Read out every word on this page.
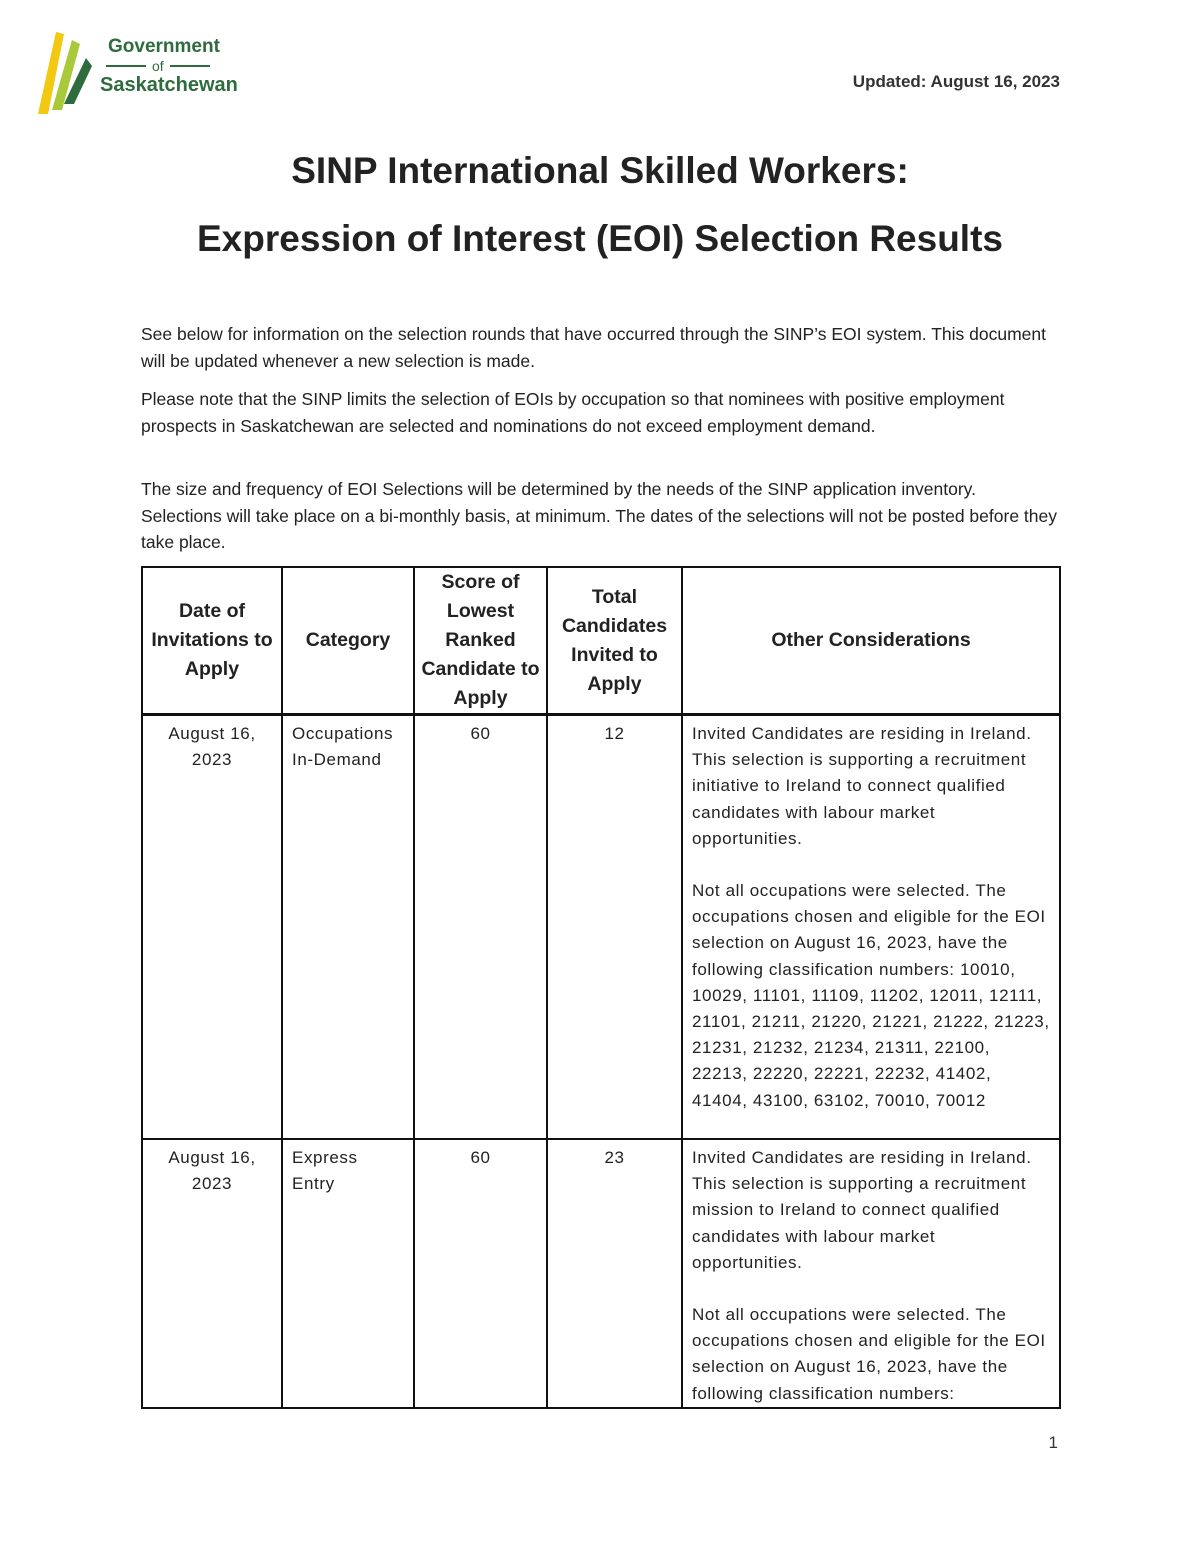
Government
of
Saskatchewan	Updated: August 16, 2023
SINP International Skilled Workers:
Expression of Interest (EOI) Selection Results

See below for information on the selection rounds that have occurred through the SINP’s EOI system. This document will be updated whenever a new selection is made.

Please note that the SINP limits the selection of EOIs by occupation so that nominees with positive employment prospects in Saskatchewan are selected and nominations do not exceed employment demand.

The size and frequency of EOI Selections will be determined by the needs of the SINP application inventory. Selections will take place on a bi-monthly basis, at minimum. The dates of the selections will not be posted before they take place.

Date of Invitations to Apply	Category	Score of Lowest Ranked Candidate to Apply	Total Candidates Invited to Apply	Other Considerations
August 16, 2023	Occupations In-Demand	60	12	Invited Candidates are residing in Ireland. This selection is supporting a recruitment initiative to Ireland to connect qualified candidates with labour market opportunities.
Not all occupations were selected. The occupations chosen and eligible for the EOI selection on August 16, 2023, have the following classification numbers: 10010, 10029, 11101, 11109, 11202, 12011, 12111, 21101, 21211, 21220, 21221, 21222, 21223, 21231, 21232, 21234, 21311, 22100, 22213, 22220, 22221, 22232, 41402, 41404, 43100, 63102, 70010, 70012

August 16, 2023	Express Entry	60	23	Invited Candidates are residing in Ireland. This selection is supporting a recruitment mission to Ireland to connect qualified candidates with labour market opportunities.
Not all occupations were selected. The occupations chosen and eligible for the EOI selection on August 16, 2023, have the following classification numbers:
1
